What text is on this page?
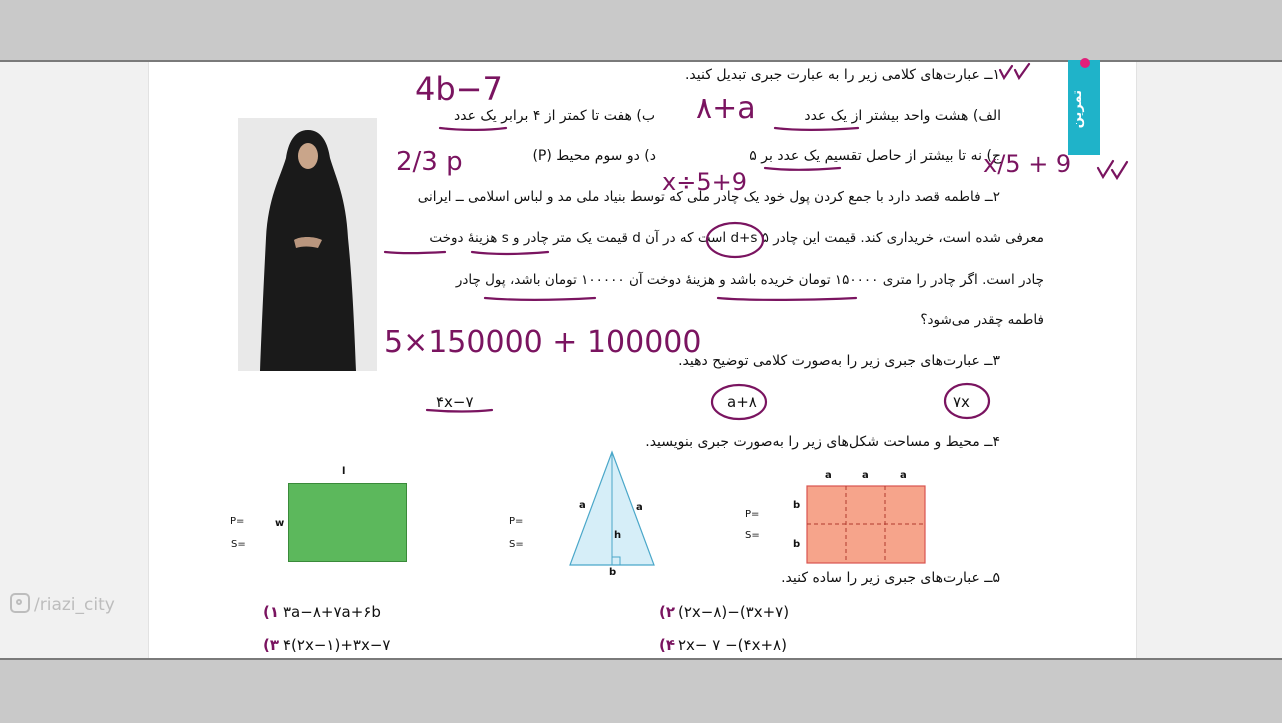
تمرین
۱ــ عبارت‌های کلامی زیر را به عبارت جبری تبدیل کنید.
الف) هشت واحد بیشتر از یک عدد
ب) هفت تا کمتر از ۴ برابر یک عدد
ج) نه تا بیشتر از حاصل تقسیم یک عدد بر ۵
د) دو سوم محیط (P)
۲ــ فاطمه قصد دارد با جمع کردن پول خود یک چادر ملی که توسط بنیاد ملی مد و لباس اسلامی ــ ایرانی
معرفی شده است، خریداری کند. قیمت این چادر d+s ۵ است که در آن d قیمت یک متر چادر و s هزینهٔ دوخت
چادر است. اگر چادر را متری ۱۵۰۰۰۰ تومان خریده باشد و هزینهٔ دوخت آن ۱۰۰۰۰۰ تومان باشد، پول چادر
فاطمه چقدر می‌شود؟
۳ــ عبارت‌های جبری زیر را به‌صورت کلامی توضیح دهید.
۷x
a+۸
۴x−۷
۴ــ محیط و مساحت شکل‌های زیر را به‌صورت جبری بنویسید.
l
w
P=
S=
a	a
h
b
P=
S=
a	a	a
b
b
P=
S=
۵ــ عبارت‌های جبری زیر را ساده کنید.
۱) ۳a−۸+۷a+۶b	۲) (۲x−۸)−(۳x+۷)
۳) ۴(۲x−۱)+۳x−۷	۴) ۲x− ۷ −(۴x+۸)
4b−7
۸+a
x÷5+9
x/5 + 9
2/3 p
5×150000 + 100000
/riazi_city
